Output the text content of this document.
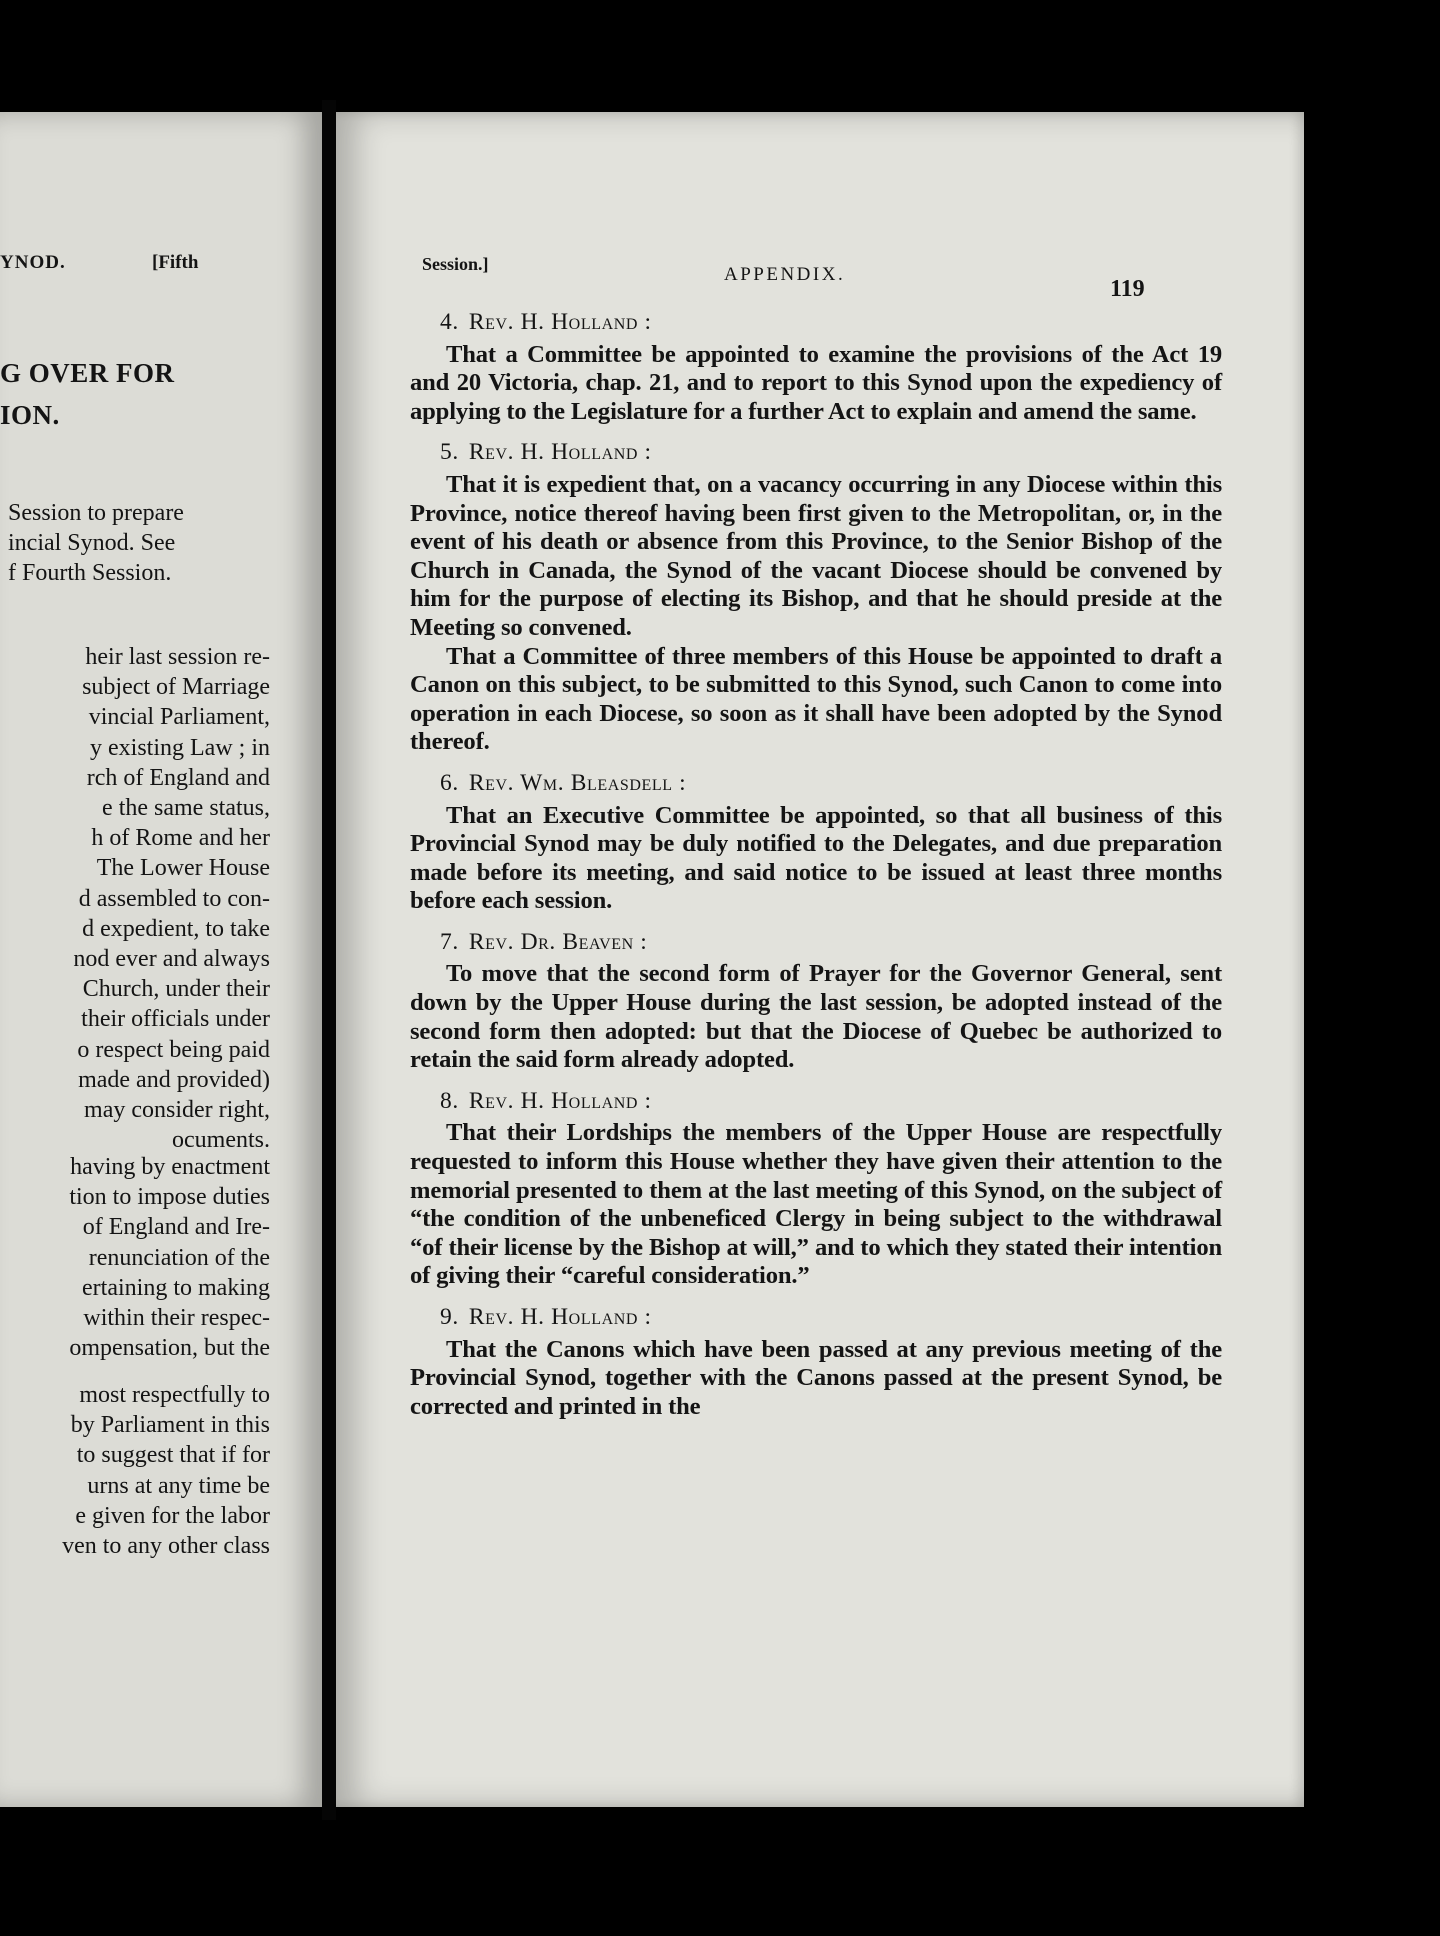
YNOD.	[Fifth
G OVER FOR
ION.
Session to prepare
incial Synod. See
f Fourth Session.
heir last session re-
subject of Marriage
vincial Parliament,
y existing Law ; in
rch of England and
e the same status,
h of Rome and her
The Lower House
d assembled to con-
d expedient, to take
nod ever and always
Church, under their
their officials under
o respect being paid
made and provided)
may consider right,
ocuments.
having by enactment
tion to impose duties
of England and Ire-
renunciation of the
ertaining to making
within their respec-
ompensation, but the
most respectfully to
by Parliament in this
to suggest that if for
urns at any time be
e given for the labor
ven to any other class
Session.]	APPENDIX.
119
4. Rev. H. Holland :

That a Committee be appointed to examine the provisions of the Act 19 and 20 Victoria, chap. 21, and to report to this Synod upon the expediency of applying to the Legislature for a further Act to explain and amend the same.

5. Rev. H. Holland :

That it is expedient that, on a vacancy occurring in any Diocese within this Province, notice thereof having been first given to the Metropolitan, or, in the event of his death or absence from this Province, to the Senior Bishop of the Church in Canada, the Synod of the vacant Diocese should be convened by him for the purpose of electing its Bishop, and that he should preside at the Meeting so convened.

That a Committee of three members of this House be appointed to draft a Canon on this subject, to be submitted to this Synod, such Canon to come into operation in each Diocese, so soon as it shall have been adopted by the Synod thereof.

6. Rev. Wm. Bleasdell :

That an Executive Committee be appointed, so that all business of this Provincial Synod may be duly notified to the Delegates, and due preparation made before its meeting, and said notice to be issued at least three months before each session.

7. Rev. Dr. Beaven :

To move that the second form of Prayer for the Governor General, sent down by the Upper House during the last session, be adopted instead of the second form then adopted: but that the Diocese of Quebec be authorized to retain the said form already adopted.

8. Rev. H. Holland :

That their Lordships the members of the Upper House are respectfully requested to inform this House whether they have given their attention to the memorial presented to them at the last meeting of this Synod, on the subject of “the condition of the unbeneficed Clergy in being subject to the withdrawal “of their license by the Bishop at will,” and to which they stated their intention of giving their “careful consideration.”

9. Rev. H. Holland :

That the Canons which have been passed at any previous meeting of the Provincial Synod, together with the Canons passed at the present Synod, be corrected and printed in the
